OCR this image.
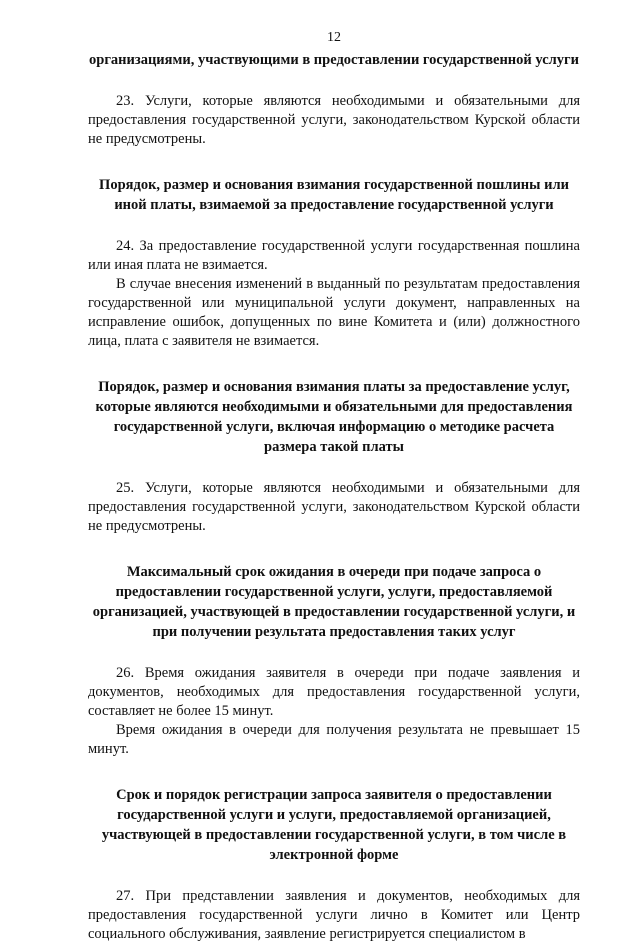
12
организациями, участвующими в предоставлении государственной услуги

23. Услуги, которые являются необходимыми и обязательными для предоставления государственной услуги, законодательством Курской области не предусмотрены.

Порядок, размер и основания взимания государственной пошлины или иной платы, взимаемой за предоставление государственной услуги

24. За предоставление государственной услуги государственная пошлина или иная плата не взимается.

В случае внесения изменений в выданный по результатам предоставления государственной или муниципальной услуги документ, направленных на исправление ошибок, допущенных по вине Комитета и (или) должностного лица, плата с заявителя не взимается.

Порядок, размер и основания взимания платы за предоставление услуг, которые являются необходимыми и обязательными для предоставления государственной услуги, включая информацию о методике расчета размера такой платы

25. Услуги, которые являются необходимыми и обязательными для предоставления государственной услуги, законодательством Курской области не предусмотрены.

Максимальный срок ожидания в очереди при подаче запроса о предоставлении государственной услуги, услуги, предоставляемой организацией, участвующей в предоставлении государственной услуги, и при получении результата предоставления таких услуг

26. Время ожидания заявителя в очереди при подаче заявления и документов, необходимых для предоставления государственной услуги, составляет не более 15 минут.

Время ожидания в очереди для получения результата не превышает 15 минут.

Срок и порядок регистрации запроса заявителя о предоставлении государственной услуги и услуги, предоставляемой организацией, участвующей в предоставлении государственной услуги, в том числе в электронной форме

27. При представлении заявления и документов, необходимых для предоставления государственной услуги лично в Комитет или Центр социального обслуживания, заявление регистрируется специалистом в
